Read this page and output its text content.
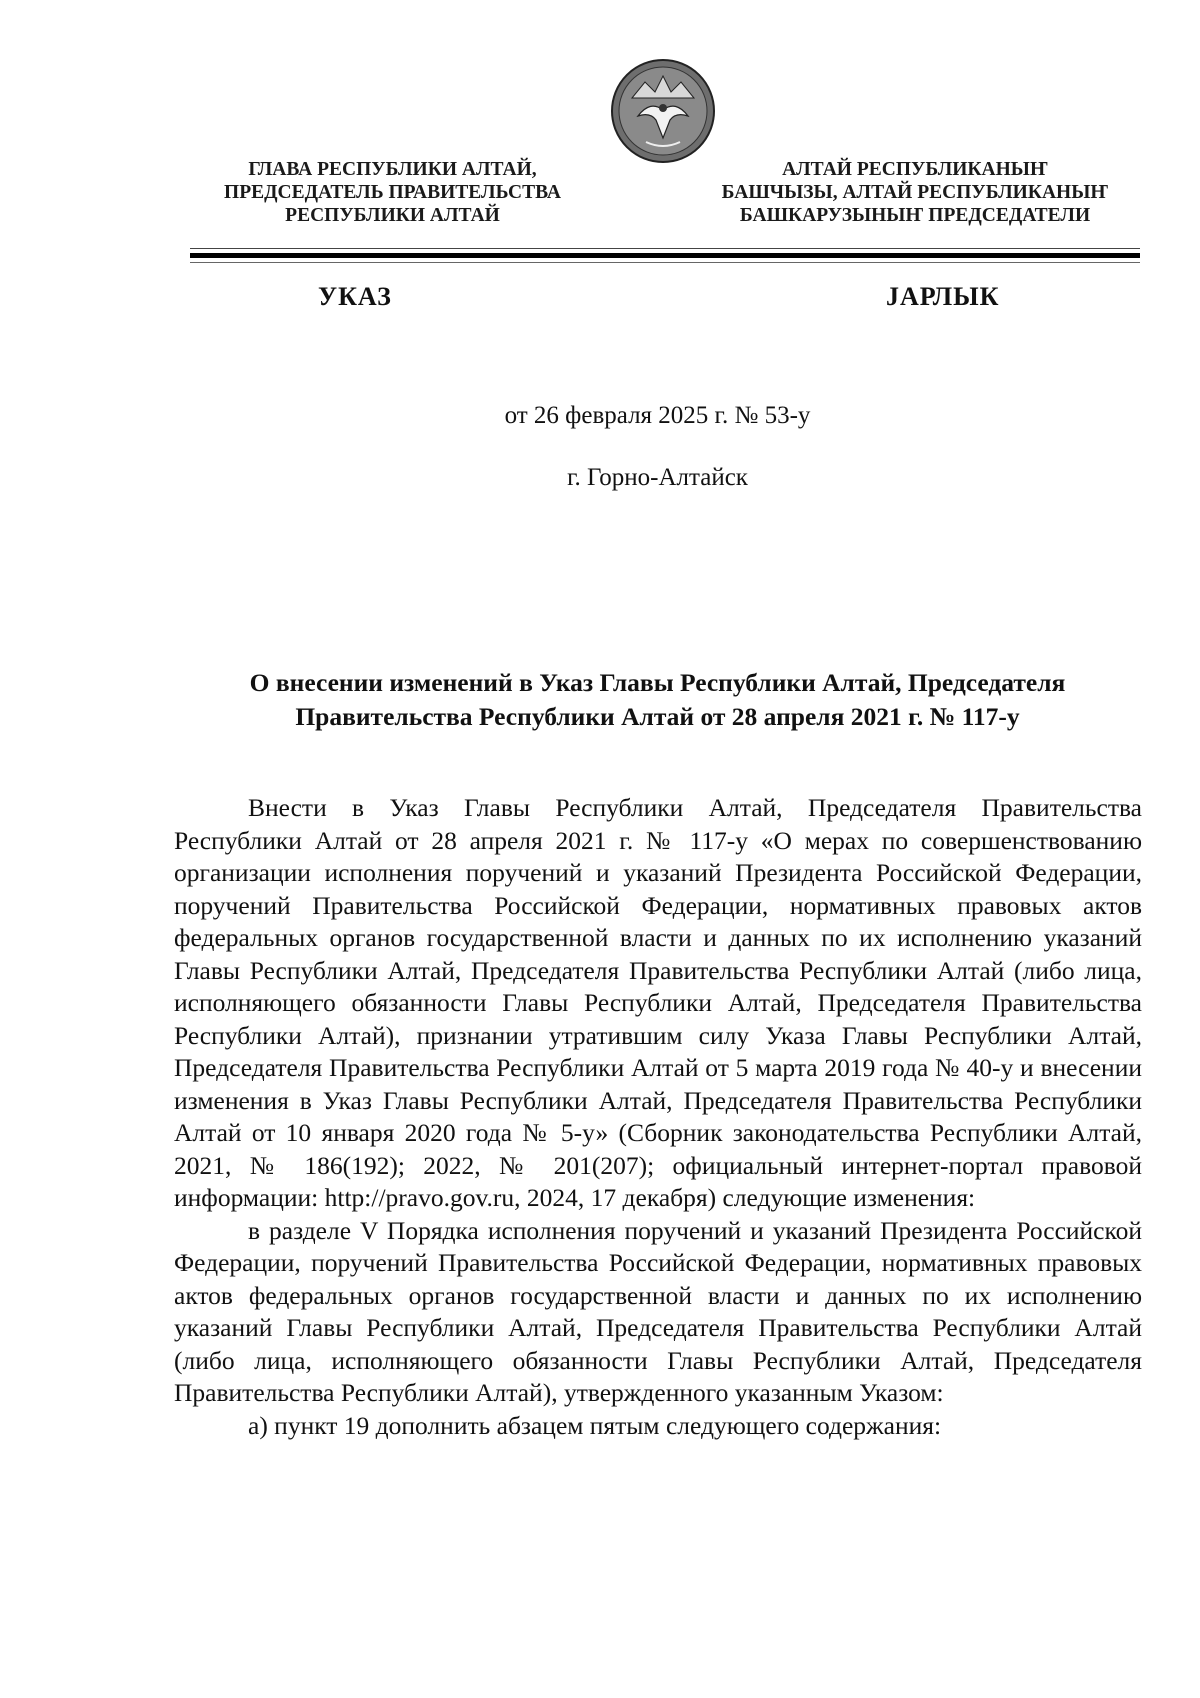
ГЛАВА РЕСПУБЛИКИ АЛТАЙ,
ПРЕДСЕДАТЕЛЬ ПРАВИТЕЛЬСТВА
РЕСПУБЛИКИ АЛТАЙ
АЛТАЙ РЕСПУБЛИКАНЫҤ
БАШЧЫЗЫ, АЛТАЙ РЕСПУБЛИКАНЫҤ
БАШКАРУЗЫНЫҤ ПРЕДСЕДАТЕЛИ
УКАЗ	ЈАРЛЫК
от 26 февраля 2025 г. № 53-у
г. Горно-Алтайск
О внесении изменений в Указ Главы Республики Алтай, Председателя
Правительства Республики Алтай от 28 апреля 2021 г. № 117-у

Внести в Указ Главы Республики Алтай, Председателя Правительства Республики Алтай от 28 апреля 2021 г. № 117-у «О мерах по совершенствованию организации исполнения поручений и указаний Президента Российской Федерации, поручений Правительства Российской Федерации, нормативных правовых актов федеральных органов государственной власти и данных по их исполнению указаний Главы Республики Алтай, Председателя Правительства Республики Алтай (либо лица, исполняющего обязанности Главы Республики Алтай, Председателя Правительства Республики Алтай), признании утратившим силу Указа Главы Республики Алтай, Председателя Правительства Республики Алтай от 5 марта 2019 года № 40-у и внесении изменения в Указ Главы Республики Алтай, Председателя Правительства Республики Алтай от 10 января 2020 года № 5-у» (Сборник законодательства Республики Алтай, 2021, № 186(192); 2022, № 201(207); официальный интернет-портал правовой информации: http://pravo.gov.ru, 2024, 17 декабря) следующие изменения:

в разделе V Порядка исполнения поручений и указаний Президента Российской Федерации, поручений Правительства Российской Федерации, нормативных правовых актов федеральных органов государственной власти и данных по их исполнению указаний Главы Республики Алтай, Председателя Правительства Республики Алтай (либо лица, исполняющего обязанности Главы Республики Алтай, Председателя Правительства Республики Алтай), утвержденного указанным Указом:

а) пункт 19 дополнить абзацем пятым следующего содержания:
